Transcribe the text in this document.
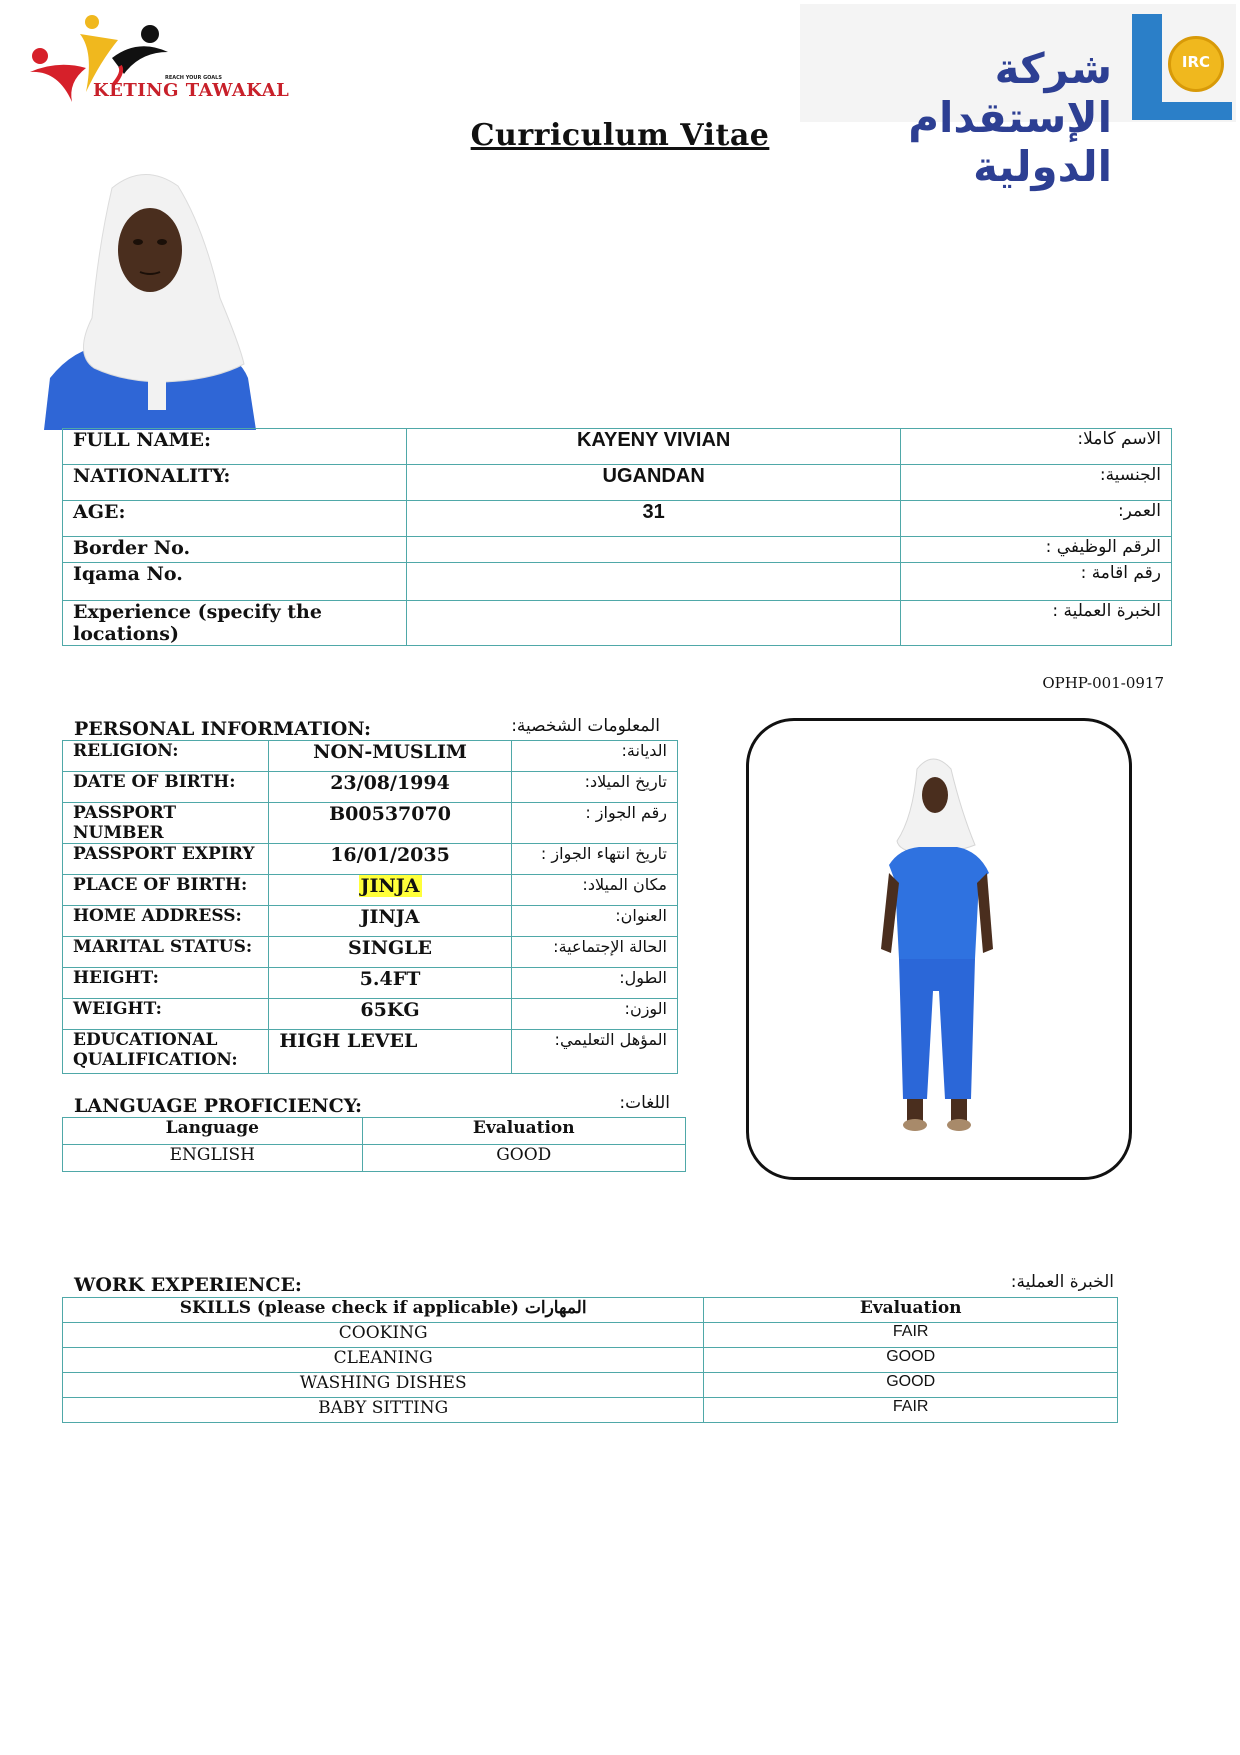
REACH YOUR GOALS
KETING TAWAKAL	شركة الإستقدام الدولية
IRC
Curriculum Vitae
FULL NAME:	KAYENY VIVIAN	الاسم كاملا:
NATIONALITY:	UGANDAN	الجنسية:
AGE:	31	العمر:
Border No.		الرقم الوظيفي :
Iqama No.		رقم اقامة :
Experience (specify the locations)		الخبرة العملية :
OPHP-001-0917
PERSONAL INFORMATION:	المعلومات الشخصية:
RELIGION:	NON-MUSLIM	الديانة:
DATE OF BIRTH:	23/08/1994	تاريخ الميلاد:
PASSPORT NUMBER	B00537070	رقم الجواز :
PASSPORT EXPIRY	16/01/2035	تاريخ انتهاء الجواز :
PLACE OF BIRTH:	JINJA	مكان الميلاد:
HOME ADDRESS:	JINJA	العنوان:
MARITAL STATUS:	SINGLE	الحالة الإجتماعية:
HEIGHT:	5.4FT	الطول:
WEIGHT:	65KG	الوزن:
EDUCATIONAL QUALIFICATION:	HIGH LEVEL	المؤهل التعليمي:
LANGUAGE PROFICIENCY:	اللغات:
Language	Evaluation
ENGLISH	GOOD
WORK EXPERIENCE:	الخبرة العملية:
SKILLS (please check if applicable) المهارات	Evaluation
COOKING	FAIR
CLEANING	GOOD
WASHING DISHES	GOOD
BABY SITTING	FAIR
